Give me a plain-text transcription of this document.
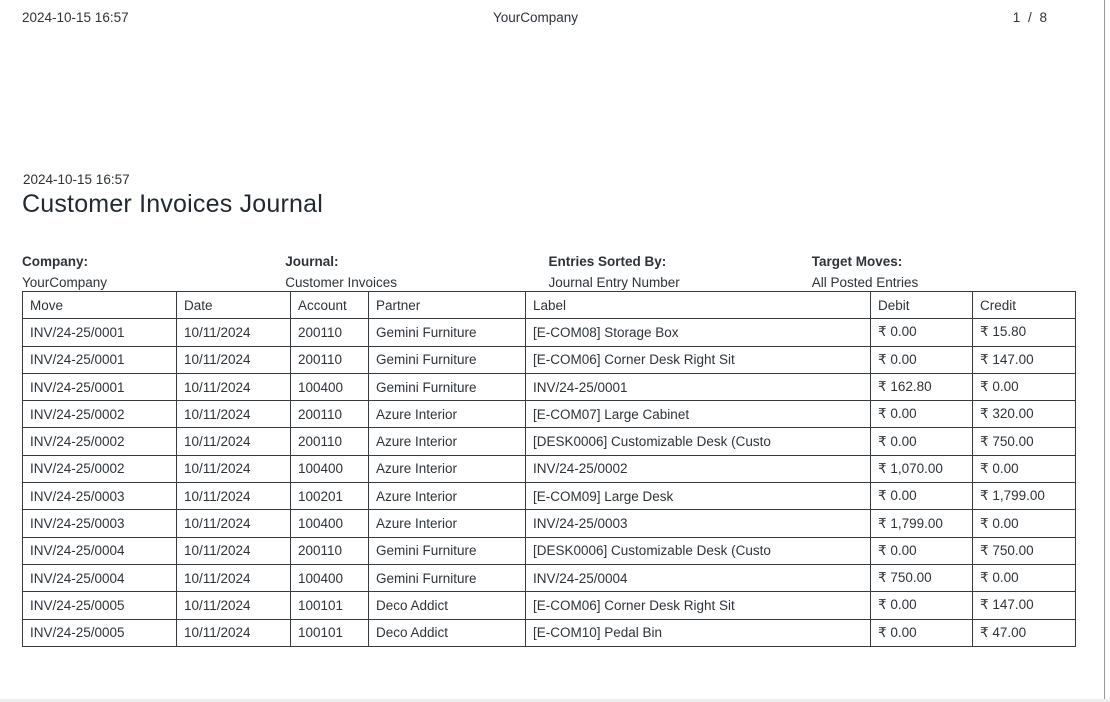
2024-10-15 16:57	YourCompany	1 / 8
2024-10-15 16:57
Customer Invoices Journal
Company:
YourCompany
Journal:
Customer Invoices
Entries Sorted By:
Journal Entry Number
Target Moves:
All Posted Entries
Move	Date	Account	Partner	Label	Debit	Credit
INV/24-25/0001	10/11/2024	200110	Gemini Furniture	[E-COM08] Storage Box	₹ 0.00	₹ 15.80
INV/24-25/0001	10/11/2024	200110	Gemini Furniture	[E-COM06] Corner Desk Right Sit	₹ 0.00	₹ 147.00
INV/24-25/0001	10/11/2024	100400	Gemini Furniture	INV/24-25/0001	₹ 162.80	₹ 0.00
INV/24-25/0002	10/11/2024	200110	Azure Interior	[E-COM07] Large Cabinet	₹ 0.00	₹ 320.00
INV/24-25/0002	10/11/2024	200110	Azure Interior	[DESK0006] Customizable Desk (Custo	₹ 0.00	₹ 750.00
INV/24-25/0002	10/11/2024	100400	Azure Interior	INV/24-25/0002	₹ 1,070.00	₹ 0.00
INV/24-25/0003	10/11/2024	100201	Azure Interior	[E-COM09] Large Desk	₹ 0.00	₹ 1,799.00
INV/24-25/0003	10/11/2024	100400	Azure Interior	INV/24-25/0003	₹ 1,799.00	₹ 0.00
INV/24-25/0004	10/11/2024	200110	Gemini Furniture	[DESK0006] Customizable Desk (Custo	₹ 0.00	₹ 750.00
INV/24-25/0004	10/11/2024	100400	Gemini Furniture	INV/24-25/0004	₹ 750.00	₹ 0.00
INV/24-25/0005	10/11/2024	100101	Deco Addict	[E-COM06] Corner Desk Right Sit	₹ 0.00	₹ 147.00
INV/24-25/0005	10/11/2024	100101	Deco Addict	[E-COM10] Pedal Bin	₹ 0.00	₹ 47.00
